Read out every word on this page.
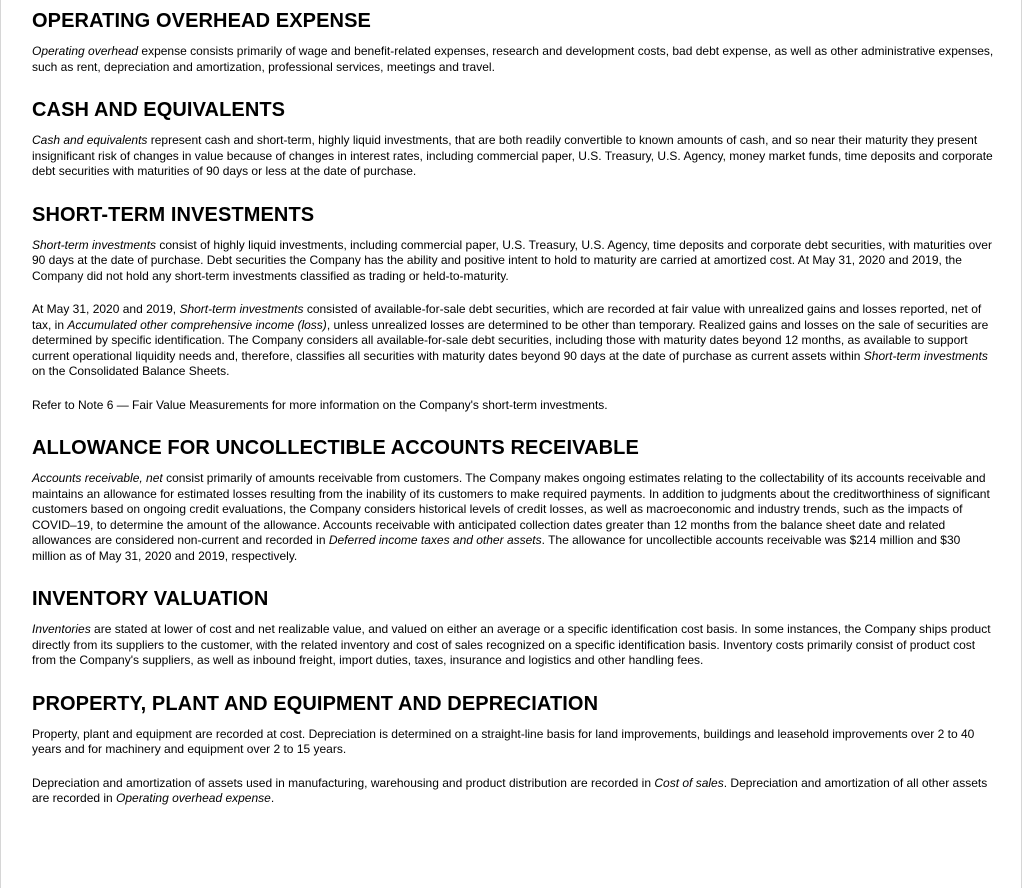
OPERATING OVERHEAD EXPENSE

Operating overhead expense consists primarily of wage and benefit-related expenses, research and development costs, bad debt expense, as well as other administrative expenses, such as rent, depreciation and amortization, professional services, meetings and travel.

CASH AND EQUIVALENTS

Cash and equivalents represent cash and short-term, highly liquid investments, that are both readily convertible to known amounts of cash, and so near their maturity they present insignificant risk of changes in value because of changes in interest rates, including commercial paper, U.S. Treasury, U.S. Agency, money market funds, time deposits and corporate debt securities with maturities of 90 days or less at the date of purchase.

SHORT-TERM INVESTMENTS

Short-term investments consist of highly liquid investments, including commercial paper, U.S. Treasury, U.S. Agency, time deposits and corporate debt securities, with maturities over 90 days at the date of purchase. Debt securities the Company has the ability and positive intent to hold to maturity are carried at amortized cost. At May 31, 2020 and 2019, the Company did not hold any short-term investments classified as trading or held-to-maturity.

At May 31, 2020 and 2019, Short-term investments consisted of available-for-sale debt securities, which are recorded at fair value with unrealized gains and losses reported, net of tax, in Accumulated other comprehensive income (loss), unless unrealized losses are determined to be other than temporary. Realized gains and losses on the sale of securities are determined by specific identification. The Company considers all available-for-sale debt securities, including those with maturity dates beyond 12 months, as available to support current operational liquidity needs and, therefore, classifies all securities with maturity dates beyond 90 days at the date of purchase as current assets within Short-term investments on the Consolidated Balance Sheets.

Refer to Note 6 — Fair Value Measurements for more information on the Company's short-term investments.

ALLOWANCE FOR UNCOLLECTIBLE ACCOUNTS RECEIVABLE

Accounts receivable, net consist primarily of amounts receivable from customers. The Company makes ongoing estimates relating to the collectability of its accounts receivable and maintains an allowance for estimated losses resulting from the inability of its customers to make required payments. In addition to judgments about the creditworthiness of significant customers based on ongoing credit evaluations, the Company considers historical levels of credit losses, as well as macroeconomic and industry trends, such as the impacts of COVID–19, to determine the amount of the allowance. Accounts receivable with anticipated collection dates greater than 12 months from the balance sheet date and related allowances are considered non-current and recorded in Deferred income taxes and other assets. The allowance for uncollectible accounts receivable was $214 million and $30 million as of May 31, 2020 and 2019, respectively.

INVENTORY VALUATION

Inventories are stated at lower of cost and net realizable value, and valued on either an average or a specific identification cost basis. In some instances, the Company ships product directly from its suppliers to the customer, with the related inventory and cost of sales recognized on a specific identification basis. Inventory costs primarily consist of product cost from the Company's suppliers, as well as inbound freight, import duties, taxes, insurance and logistics and other handling fees.

PROPERTY, PLANT AND EQUIPMENT AND DEPRECIATION

Property, plant and equipment are recorded at cost. Depreciation is determined on a straight-line basis for land improvements, buildings and leasehold improvements over 2 to 40 years and for machinery and equipment over 2 to 15 years.

Depreciation and amortization of assets used in manufacturing, warehousing and product distribution are recorded in Cost of sales. Depreciation and amortization of all other assets are recorded in Operating overhead expense.
